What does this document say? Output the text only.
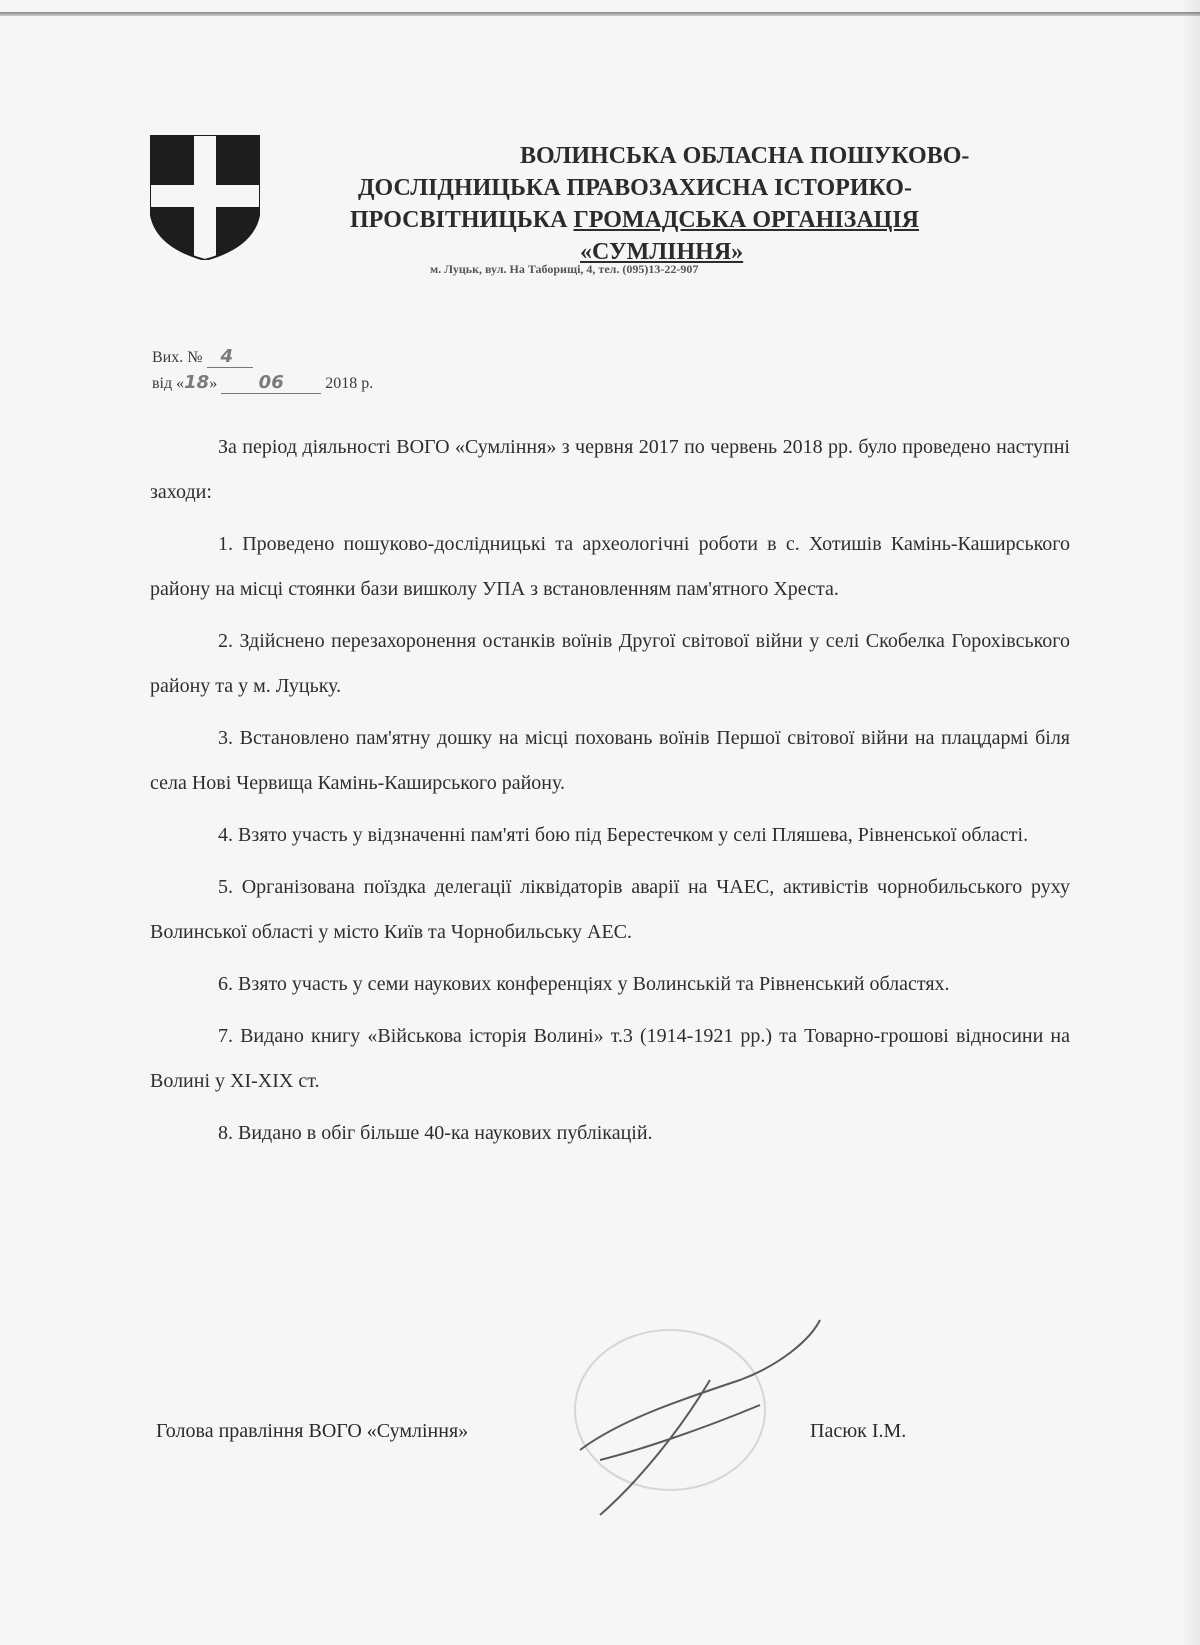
ВОЛИНСЬКА ОБЛАСНА ПОШУКОВО-
ДОСЛІДНИЦЬКА ПРАВОЗАХИСНА ІСТОРИКО-
ПРОСВІТНИЦЬКА ГРОМАДСЬКА ОРГАНІЗАЦІЯ
«СУМЛІННЯ»
м. Луцьк, вул. На Таборищі, 4, тел. (095)13-22-907
Вих. № 4
від «18» 06	2018 р.

За період діяльності ВОГО «Сумління» з червня 2017 по червень 2018 рр. було проведено наступні заходи:

1. Проведено пошуково-дослідницькі та археологічні роботи в с. Хотишів Камінь-Каширського району на місці стоянки бази вишколу УПА з встановленням пам'ятного Хреста.

2. Здійснено перезахоронення останків воїнів Другої світової війни у селі Скобелка Горохівського району та у м. Луцьку.

3. Встановлено пам'ятну дошку на місці поховань воїнів Першої світової війни на плацдармі біля села Нові Червища Камінь-Каширського району.

4. Взято участь у відзначенні пам'яті бою під Берестечком у селі Пляшева, Рівненської області.

5. Організована поїздка делегації ліквідаторів аварії на ЧАЕС, активістів чорнобильського руху Волинської області у місто Київ та Чорнобильську АЕС.

6. Взято участь у семи наукових конференціях у Волинській та Рівненський областях.

7. Видано книгу «Військова історія Волині» т.3 (1914-1921 рр.) та Товарно-грошові відносини на Волині у ХІ-ХІХ ст.

8. Видано в обіг більше 40-ка наукових публікацій.

Голова правління ВОГО «Сумління»	Пасюк І.М.
